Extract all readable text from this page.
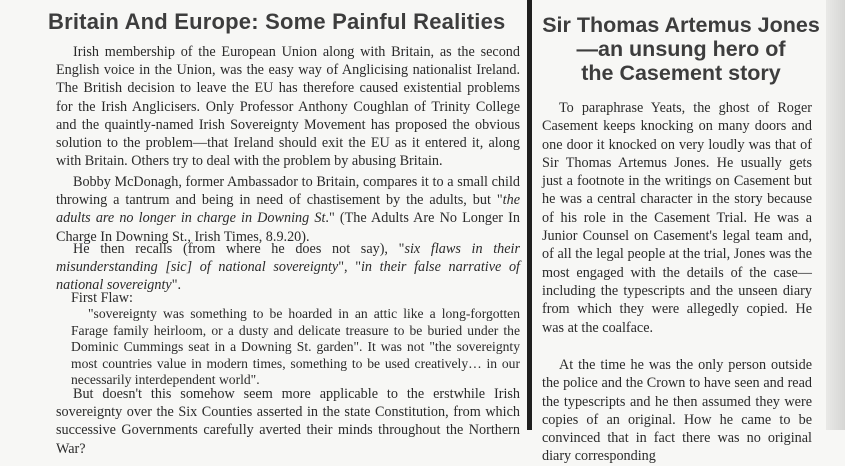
Britain And Europe: Some Painful Realities

Irish membership of the European Union along with Britain, as the second English voice in the Union, was the easy way of Anglicising nationalist Ireland. The British decision to leave the EU has therefore caused existential problems for the Irish Anglicisers. Only Professor Anthony Coughlan of Trinity College and the quaintly-named Irish Sovereignty Movement has proposed the obvious solution to the problem—that Ireland should exit the EU as it entered it, along with Britain. Others try to deal with the problem by abusing Britain.

Bobby McDonagh, former Ambassador to Britain, compares it to a small child throwing a tantrum and being in need of chastisement by the adults, but "the adults are no longer in charge in Downing St." (The Adults Are No Longer In Charge In Downing St., Irish Times, 8.9.20).

He then recalls (from where he does not say), "six flaws in their misunderstanding [sic] of national sovereignty", "in their false narrative of national sovereignty".

First Flaw:

"sovereignty was something to be hoarded in an attic like a long-forgotten Farage family heirloom, or a dusty and delicate treasure to be buried under the Dominic Cummings seat in a Downing St. garden". It was not "the sovereignty most countries value in modern times, something to be used creatively… in our necessarily interdependent world".

But doesn't this somehow seem more applicable to the erstwhile Irish sovereignty over the Six Counties asserted in the state Constitution, from which successive Governments carefully averted their minds throughout the Northern War?

Sir Thomas Artemus Jones
—an unsung hero of
the Casement story

To paraphrase Yeats, the ghost of Roger Casement keeps knocking on many doors and one door it knocked on very loudly was that of Sir Thomas Artemus Jones. He usually gets just a footnote in the writings on Casement but he was a central character in the story because of his role in the Casement Trial. He was a Junior Counsel on Casement's legal team and, of all the legal people at the trial, Jones was the most engaged with the details of the case—including the typescripts and the unseen diary from which they were allegedly copied. He was at the coalface.

At the time he was the only person outside the police and the Crown to have seen and read the typescripts and he then assumed they were copies of an original. How he came to be convinced that in fact there was no original diary corresponding
